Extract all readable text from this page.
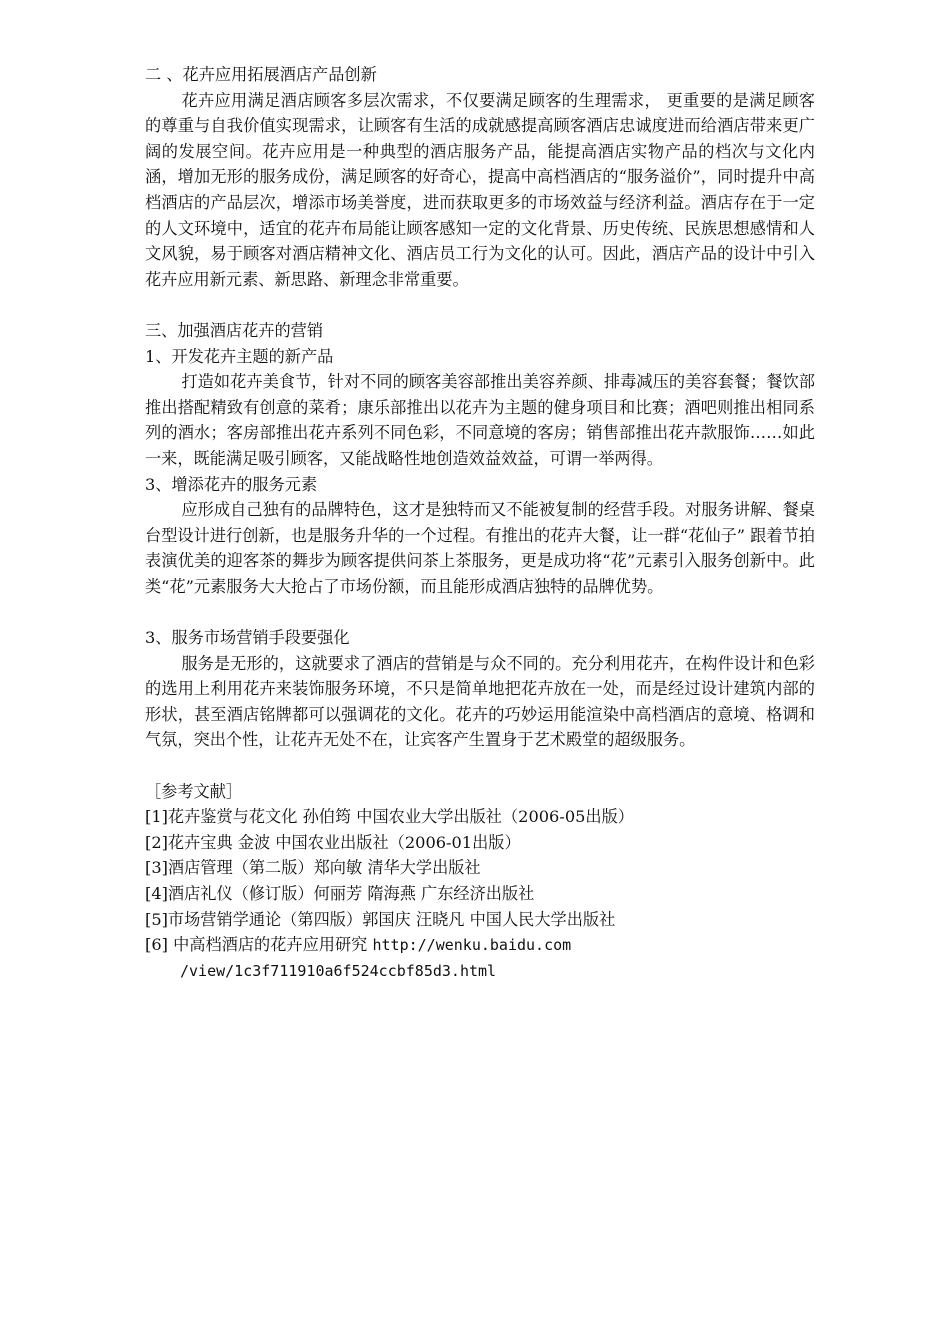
二 、花卉应用拓展酒店产品创新

花卉应用满足酒店顾客多层次需求，不仅要满足顾客的生理需求， 更重要的是满足顾客的尊重与自我价值实现需求，让顾客有生活的成就感提高顾客酒店忠诚度进而给酒店带来更广阔的发展空间。花卉应用是一种典型的酒店服务产品，能提高酒店实物产品的档次与文化内涵，增加无形的服务成份，满足顾客的好奇心，提高中高档酒店的“服务溢价”，同时提升中高档酒店的产品层次，增添市场美誉度，进而获取更多的市场效益与经济利益。酒店存在于一定的人文环境中，适宜的花卉布局能让顾客感知一定的文化背景、历史传统、民族思想感情和人文风貌，易于顾客对酒店精神文化、酒店员工行为文化的认可。因此，酒店产品的设计中引入花卉应用新元素、新思路、新理念非常重要。

三、加强酒店花卉的营销

1、开发花卉主题的新产品

打造如花卉美食节，针对不同的顾客美容部推出美容养颜、排毒减压的美容套餐；餐饮部推出搭配精致有创意的菜肴；康乐部推出以花卉为主题的健身项目和比赛；酒吧则推出相同系列的酒水；客房部推出花卉系列不同色彩，不同意境的客房；销售部推出花卉款服饰……如此一来，既能满足吸引顾客，又能战略性地创造效益效益，可谓一举两得。

3、增添花卉的服务元素

应形成自己独有的品牌特色，这才是独特而又不能被复制的经营手段。对服务讲解、餐桌台型设计进行创新，也是服务升华的一个过程。有推出的花卉大餐，让一群“花仙子” 跟着节拍表演优美的迎客茶的舞步为顾客提供问茶上茶服务，更是成功将“花”元素引入服务创新中。此类“花”元素服务大大抢占了市场份额，而且能形成酒店独特的品牌优势。

3、服务市场营销手段要强化

服务是无形的，这就要求了酒店的营销是与众不同的。充分利用花卉，在构件设计和色彩的选用上利用花卉来装饰服务环境，不只是简单地把花卉放在一处，而是经过设计建筑内部的形状，甚至酒店铭牌都可以强调花的文化。花卉的巧妙运用能渲染中高档酒店的意境、格调和气氛，突出个性，让花卉无处不在，让宾客产生置身于艺术殿堂的超级服务。

［参考文献］

[1]花卉鉴赏与花文化 孙伯筠 中国农业大学出版社（2006-05出版）

[2]花卉宝典 金波 中国农业出版社（2006-01出版）

[3]酒店管理（第二版）郑向敏 清华大学出版社

[4]酒店礼仪（修订版）何丽芳 隋海燕 广东经济出版社

[5]市场营销学通论（第四版）郭国庆 汪晓凡 中国人民大学出版社

[6] 中高档酒店的花卉应用研究 http://wenku.baidu.com

/view/1c3f711910a6f524ccbf85d3.html
